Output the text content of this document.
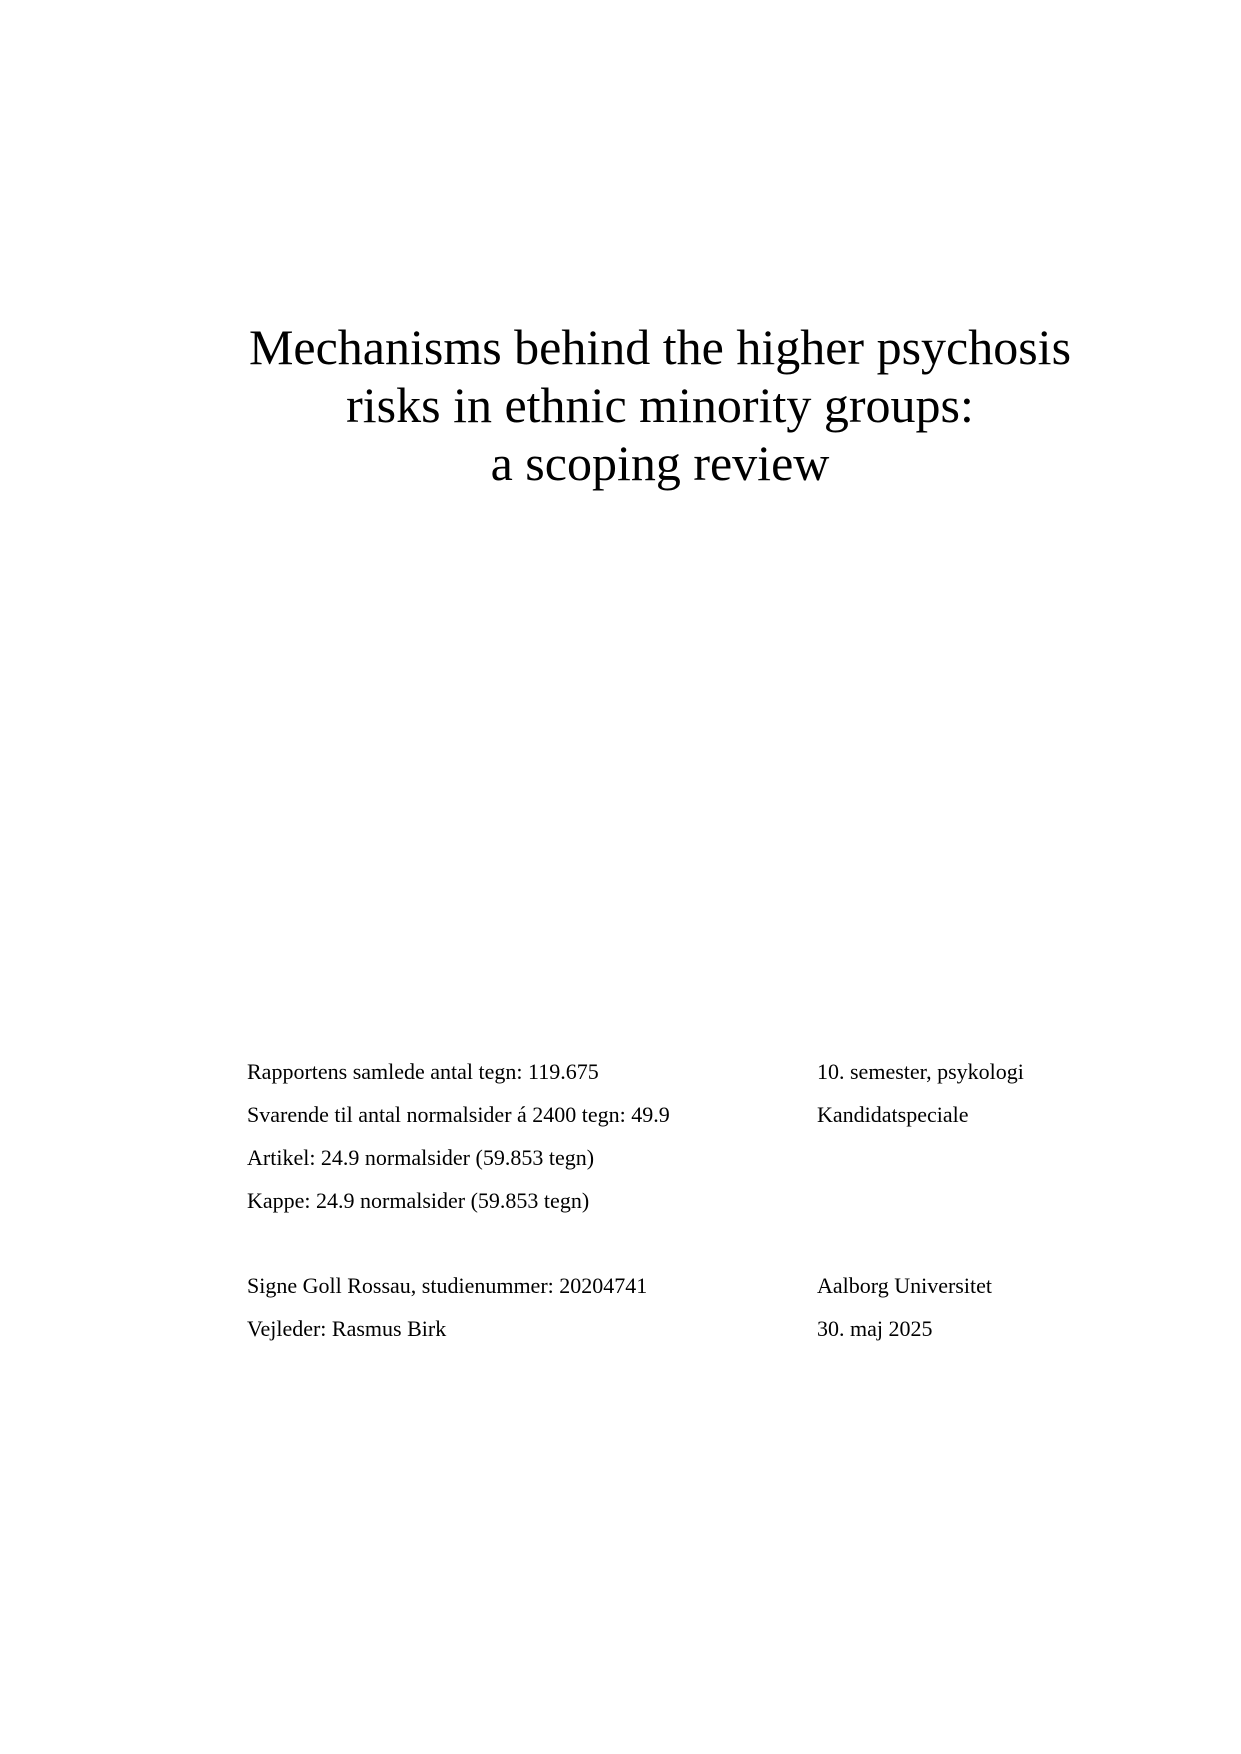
Mechanisms behind the higher psychosis
risks in ethnic minority groups:
a scoping review
Rapportens samlede antal tegn: 119.675	10. semester, psykologi
Svarende til antal normalsider á 2400 tegn: 49.9	Kandidatspeciale
Artikel: 24.9 normalsider (59.853 tegn)
Kappe: 24.9 normalsider (59.853 tegn)
Signe Goll Rossau, studienummer: 20204741	Aalborg Universitet
Vejleder: Rasmus Birk	30. maj 2025
